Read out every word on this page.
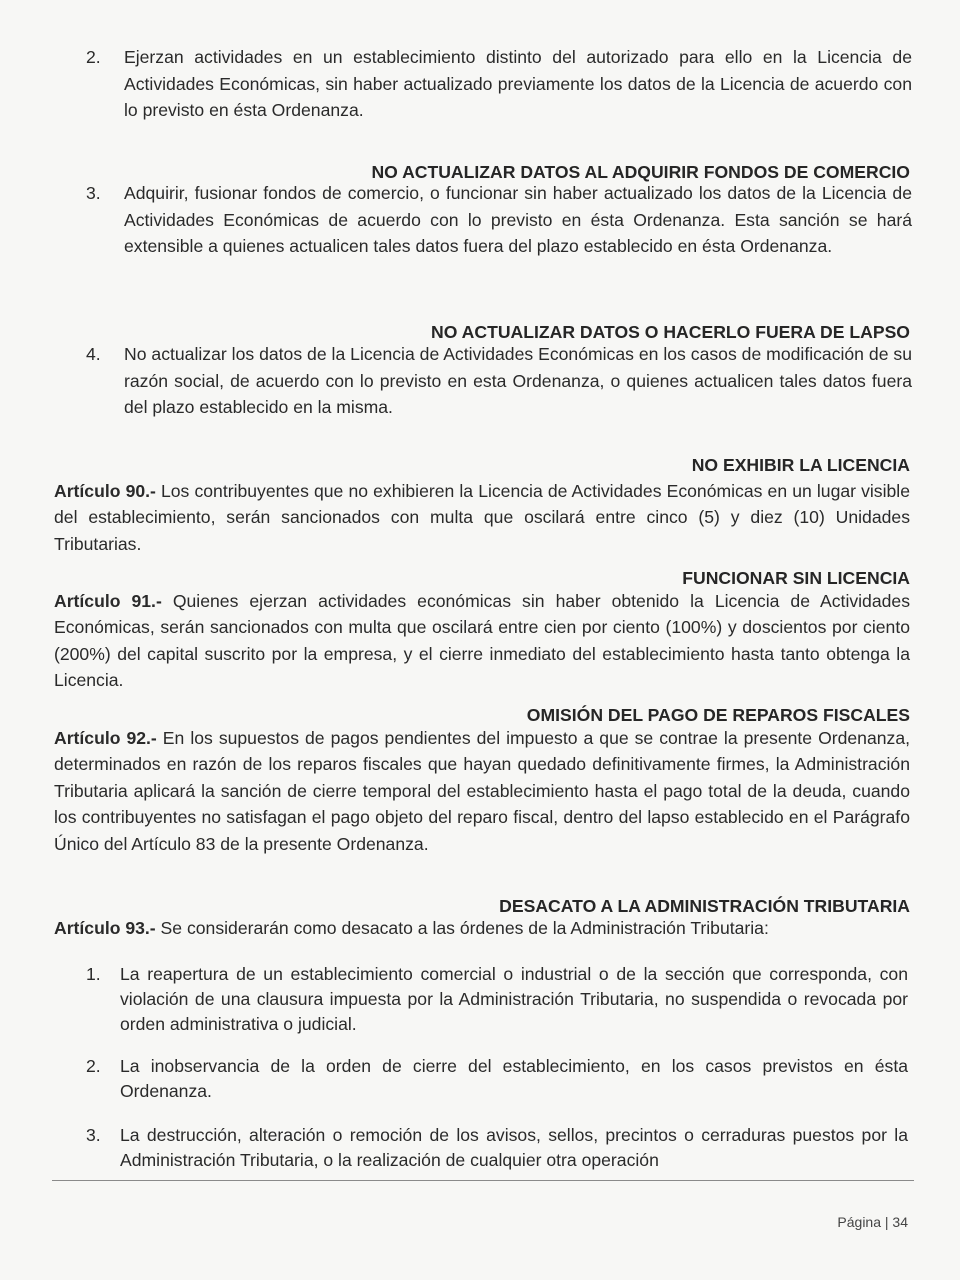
2.	Ejerzan actividades en un establecimiento distinto del autorizado para ello en la Licencia de Actividades Económicas, sin haber actualizado previamente los datos de la Licencia de acuerdo con lo previsto en ésta Ordenanza.
NO ACTUALIZAR DATOS AL ADQUIRIR FONDOS DE COMERCIO
3.	Adquirir, fusionar fondos de comercio, o funcionar sin haber actualizado los datos de la Licencia de Actividades Económicas de acuerdo con lo previsto en ésta Ordenanza. Esta sanción se hará extensible a quienes actualicen tales datos fuera del plazo establecido en ésta Ordenanza.
NO ACTUALIZAR DATOS O HACERLO FUERA DE LAPSO
4.	No actualizar los datos de la Licencia de Actividades Económicas en los casos de modificación de su razón social, de acuerdo con lo previsto en esta Ordenanza, o quienes actualicen tales datos fuera del plazo establecido en la misma.
NO EXHIBIR LA LICENCIA
Artículo 90.- Los contribuyentes que no exhibieren la Licencia de Actividades Económicas en un lugar visible del establecimiento, serán sancionados con multa que oscilará entre cinco (5) y diez (10) Unidades Tributarias.
FUNCIONAR SIN LICENCIA
Artículo 91.- Quienes ejerzan actividades económicas sin haber obtenido la Licencia de Actividades Económicas, serán sancionados con multa que oscilará entre cien por ciento (100%) y doscientos por ciento (200%) del capital suscrito por la empresa, y el cierre inmediato del establecimiento hasta tanto obtenga la Licencia.
OMISIÓN DEL PAGO DE REPAROS FISCALES
Artículo 92.- En los supuestos de pagos pendientes del impuesto a que se contrae la presente Ordenanza, determinados en razón de los reparos fiscales que hayan quedado definitivamente firmes, la Administración Tributaria aplicará la sanción de cierre temporal del establecimiento hasta el pago total de la deuda, cuando los contribuyentes no satisfagan el pago objeto del reparo fiscal, dentro del lapso establecido en el Parágrafo Único del Artículo 83 de la presente Ordenanza.
DESACATO A LA ADMINISTRACIÓN TRIBUTARIA
Artículo 93.- Se considerarán como desacato a las órdenes de la Administración Tributaria:
1.	La reapertura de un establecimiento comercial o industrial o de la sección que corresponda, con violación de una clausura impuesta por la Administración Tributaria, no suspendida o revocada por orden administrativa o judicial.
2.	La inobservancia de la orden de cierre del establecimiento, en los casos previstos en ésta Ordenanza.
3.	La destrucción, alteración o remoción de los avisos, sellos, precintos o cerraduras puestos por la Administración Tributaria, o la realización de cualquier otra operación
Página | 34
